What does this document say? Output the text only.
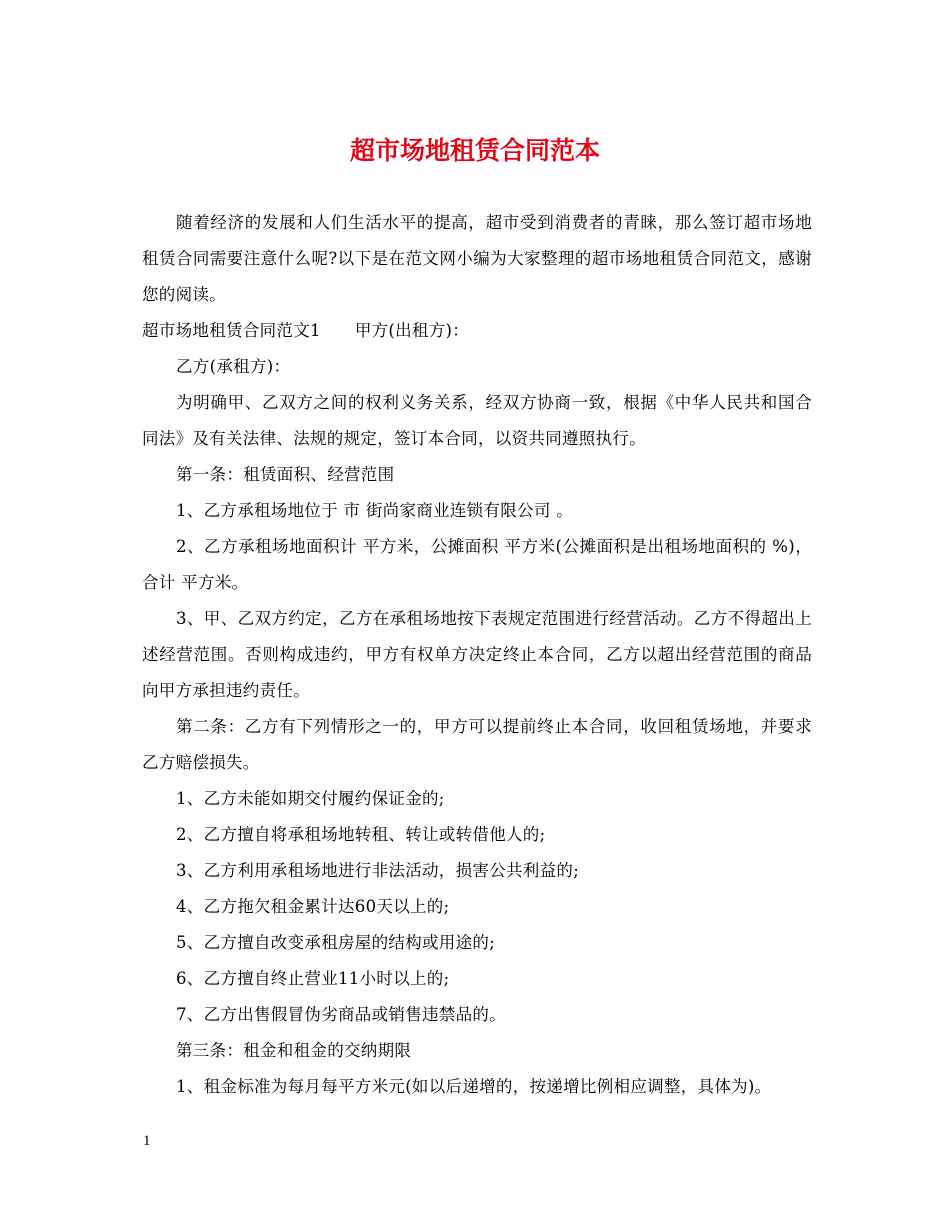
超市场地租赁合同范本

随着经济的发展和人们生活水平的提高，超市受到消费者的青睐，那么签订超市场地租赁合同需要注意什么呢?以下是在范文网小编为大家整理的超市场地租赁合同范文，感谢您的阅读。

超市场地租赁合同范文1 甲方(出租方)：

乙方(承租方)：

为明确甲、乙双方之间的权利义务关系，经双方协商一致，根据《中华人民共和国合同法》及有关法律、法规的规定，签订本合同，以资共同遵照执行。

第一条：租赁面积、经营范围

1、乙方承租场地位于 市 街尚家商业连锁有限公司 。

2、乙方承租场地面积计 平方米，公摊面积 平方米(公摊面积是出租场地面积的 %)，合计 平方米。

3、甲、乙双方约定，乙方在承租场地按下表规定范围进行经营活动。乙方不得超出上述经营范围。否则构成违约，甲方有权单方决定终止本合同，乙方以超出经营范围的商品向甲方承担违约责任。

第二条：乙方有下列情形之一的，甲方可以提前终止本合同，收回租赁场地，并要求乙方赔偿损失。

1、乙方未能如期交付履约保证金的;

2、乙方擅自将承租场地转租、转让或转借他人的;

3、乙方利用承租场地进行非法活动，损害公共利益的;

4、乙方拖欠租金累计达60天以上的;

5、乙方擅自改变承租房屋的结构或用途的;

6、乙方擅自终止营业11小时以上的;

7、乙方出售假冒伪劣商品或销售违禁品的。

第三条：租金和租金的交纳期限

1、租金标准为每月每平方米元(如以后递增的，按递增比例相应调整，具体为)。

1
